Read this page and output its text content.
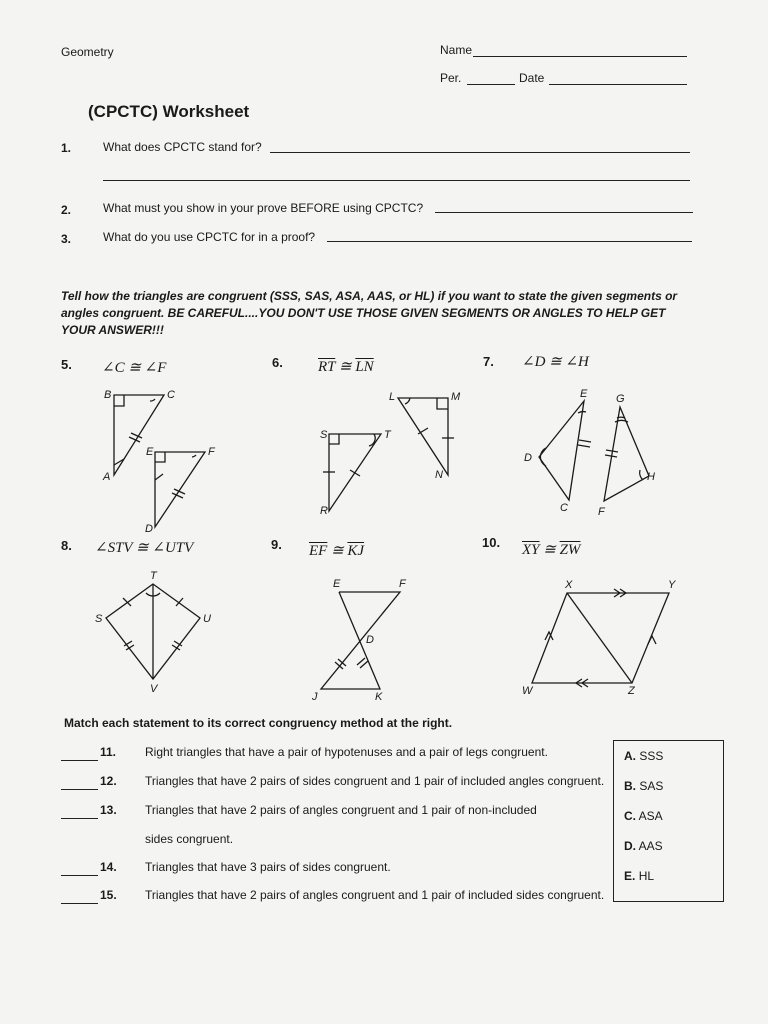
Geometry	Name
Per.	Date
(CPCTC) Worksheet
1.	What does CPCTC stand for?
2.	What must you show in your prove BEFORE using CPCTC?
3.	What do you use CPCTC for in a proof?
Tell how the triangles are congruent (SSS, SAS, ASA, AAS, or HL) if you want to state the given segments or angles congruent. BE CAREFUL....YOU DON'T USE THOSE GIVEN SEGMENTS OR ANGLES TO HELP GET YOUR ANSWER!!!
5. ∠C ≅ ∠F	6. $\overline{RT}$ ≅ $\overline{LN}$	7. ∠D ≅ ∠H
8. ∠STV ≅ ∠UTV	9. $\overline{EF}$ ≅ $\overline{KJ}$
10. $\overline{XY}$ ≅ $\overline{ZW}$
B	C
E	F
A
D
L	M
S	T
N
R
E	G
D
H
C	F
T
S	U
V
E	F
D
J	K
X	Y
W	Z
Match each statement to its correct congruency method at the right.
11. Right triangles that have a pair of hypotenuses and a pair of legs congruent.
12. Triangles that have 2 pairs of sides congruent and 1 pair of included angles congruent.
13. Triangles that have 2 pairs of angles congruent and 1 pair of non-included
sides congruent.
14. Triangles that have 3 pairs of sides congruent.
15. Triangles that have 2 pairs of angles congruent and 1 pair of included sides congruent.
A. SSS
B. SAS
C. ASA
D. AAS
E. HL
